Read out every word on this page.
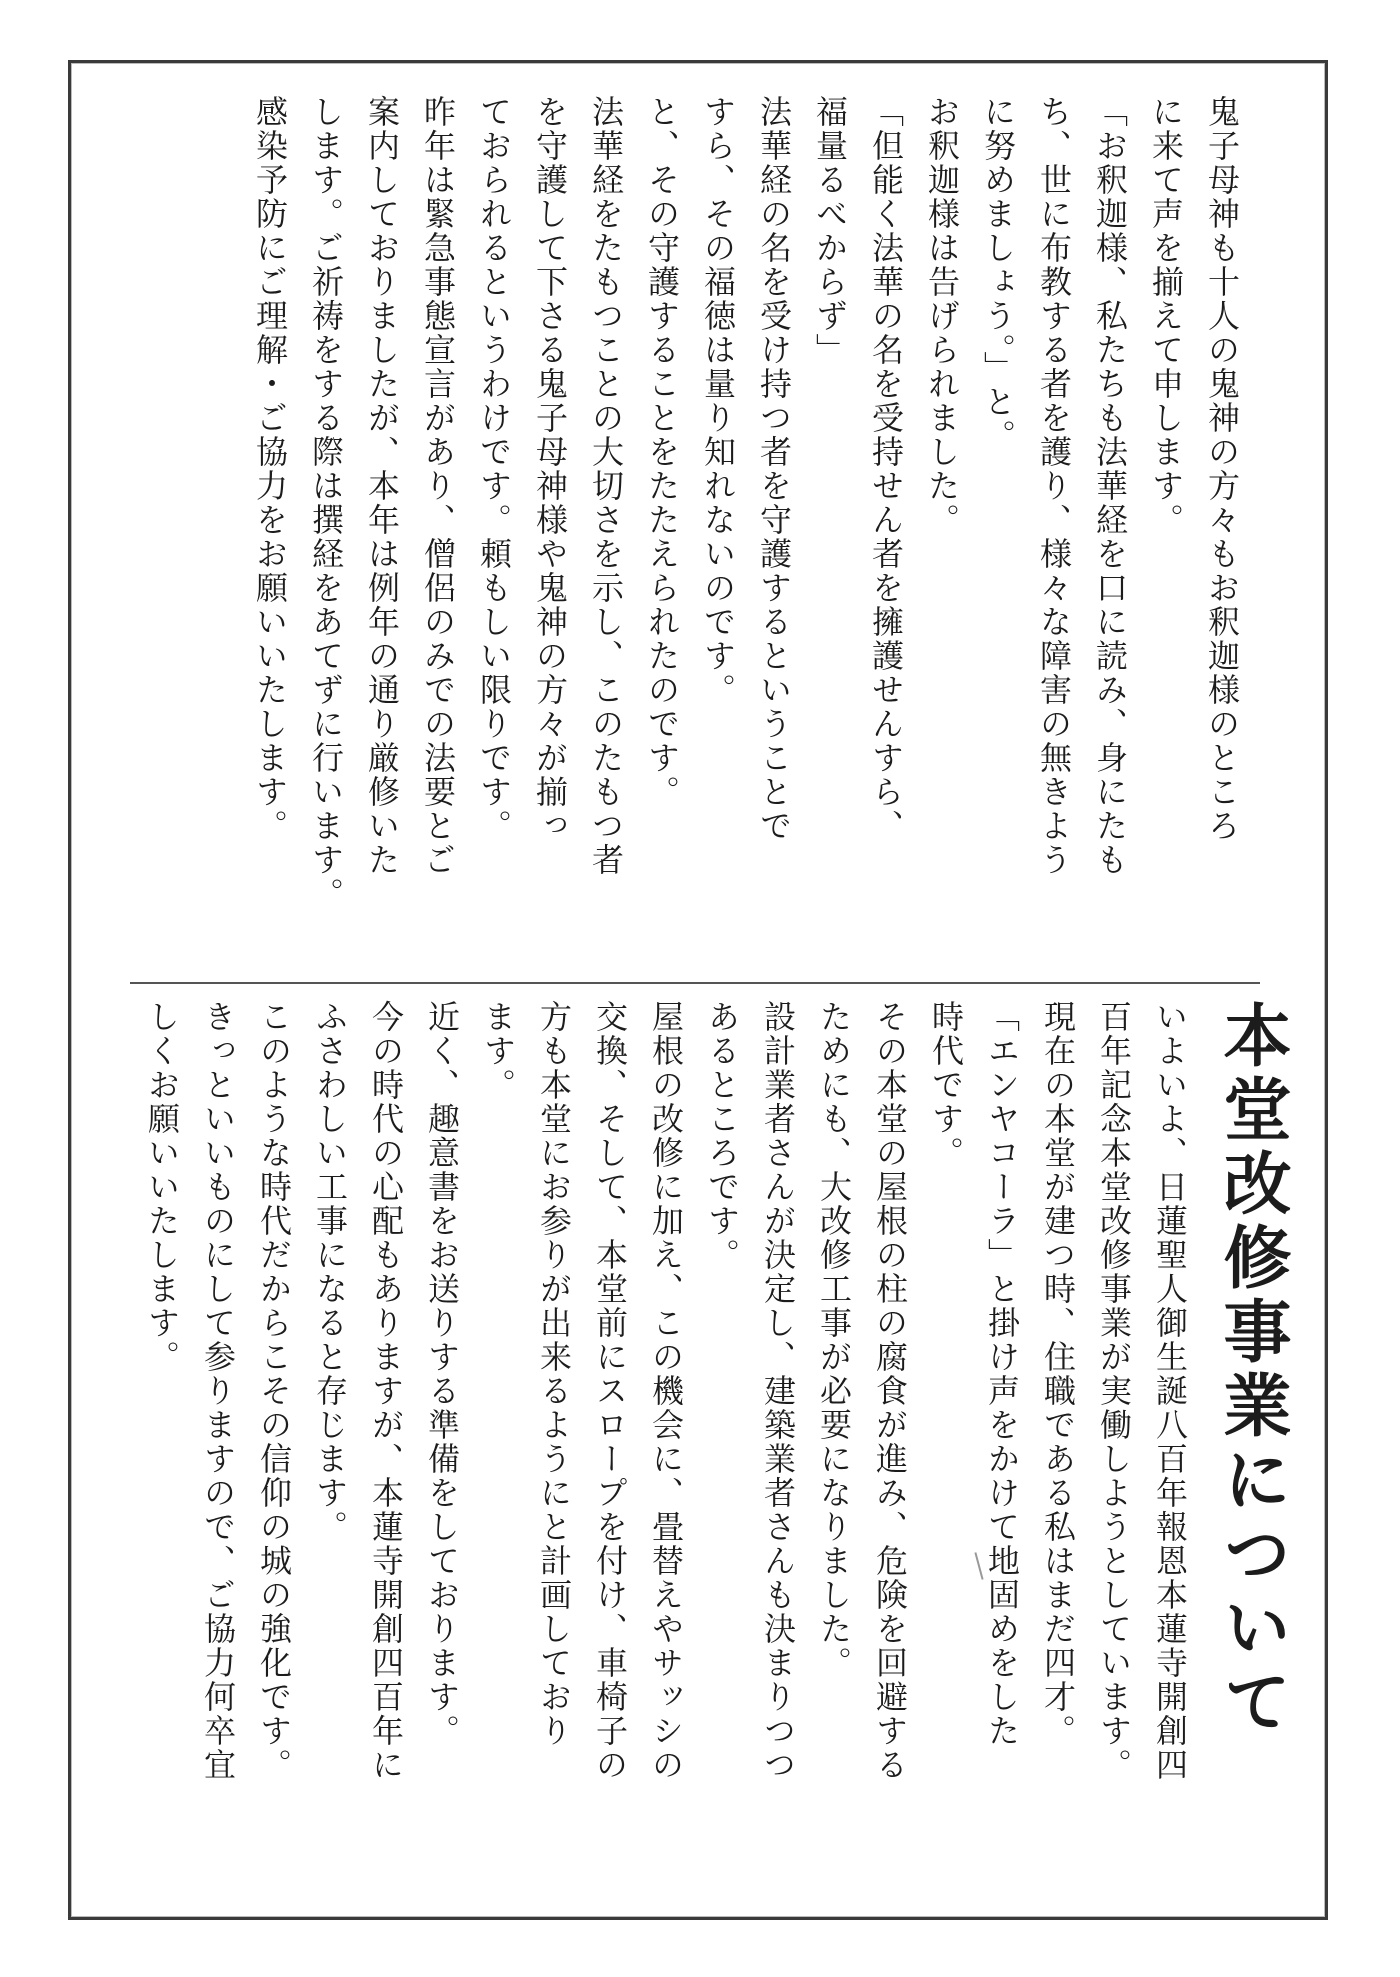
鬼子母神も十人の鬼神の方々もお釈迦様のところ
に来て声を揃えて申します。
「お釈迦様、私たちも法華経を口に読み、身にたも
ち、世に布教する者を護り、様々な障害の無きよう
に努めましょう。」と。
お釈迦様は告げられました。
「但能く法華の名を受持せん者を擁護せんすら、
福量るべからず」
法華経の名を受け持つ者を守護するということで
すら、その福徳は量り知れないのです。
と、その守護することをたたえられたのです。
法華経をたもつことの大切さを示し、このたもつ者
を守護して下さる鬼子母神様や鬼神の方々が揃っ
ておられるというわけです。頼もしい限りです。
昨年は緊急事態宣言があり、僧侶のみでの法要とご
案内しておりましたが、本年は例年の通り厳修いた
します。ご祈祷をする際は撰経をあてずに行います。
感染予防にご理解・ご協力をお願いいたします。
本堂改修事業について
いよいよ、日蓮聖人御生誕八百年報恩本蓮寺開創四
百年記念本堂改修事業が実働しようとしています。
現在の本堂が建つ時、住職である私はまだ四才。
「エンヤコーラ」と掛け声をかけて地固めをした
時代です。
その本堂の屋根の柱の腐食が進み、危険を回避する
ためにも、大改修工事が必要になりました。
設計業者さんが決定し、建築業者さんも決まりつつ
あるところです。
屋根の改修に加え、この機会に、畳替えやサッシの
交換、そして、本堂前にスロープを付け、車椅子の
方も本堂にお参りが出来るようにと計画しており
ます。
近く、趣意書をお送りする準備をしております。
今の時代の心配もありますが、本蓮寺開創四百年に
ふさわしい工事になると存じます。
このような時代だからこその信仰の城の強化です。
きっといいものにして参りますので、ご協力何卒宜
しくお願いいたします。
